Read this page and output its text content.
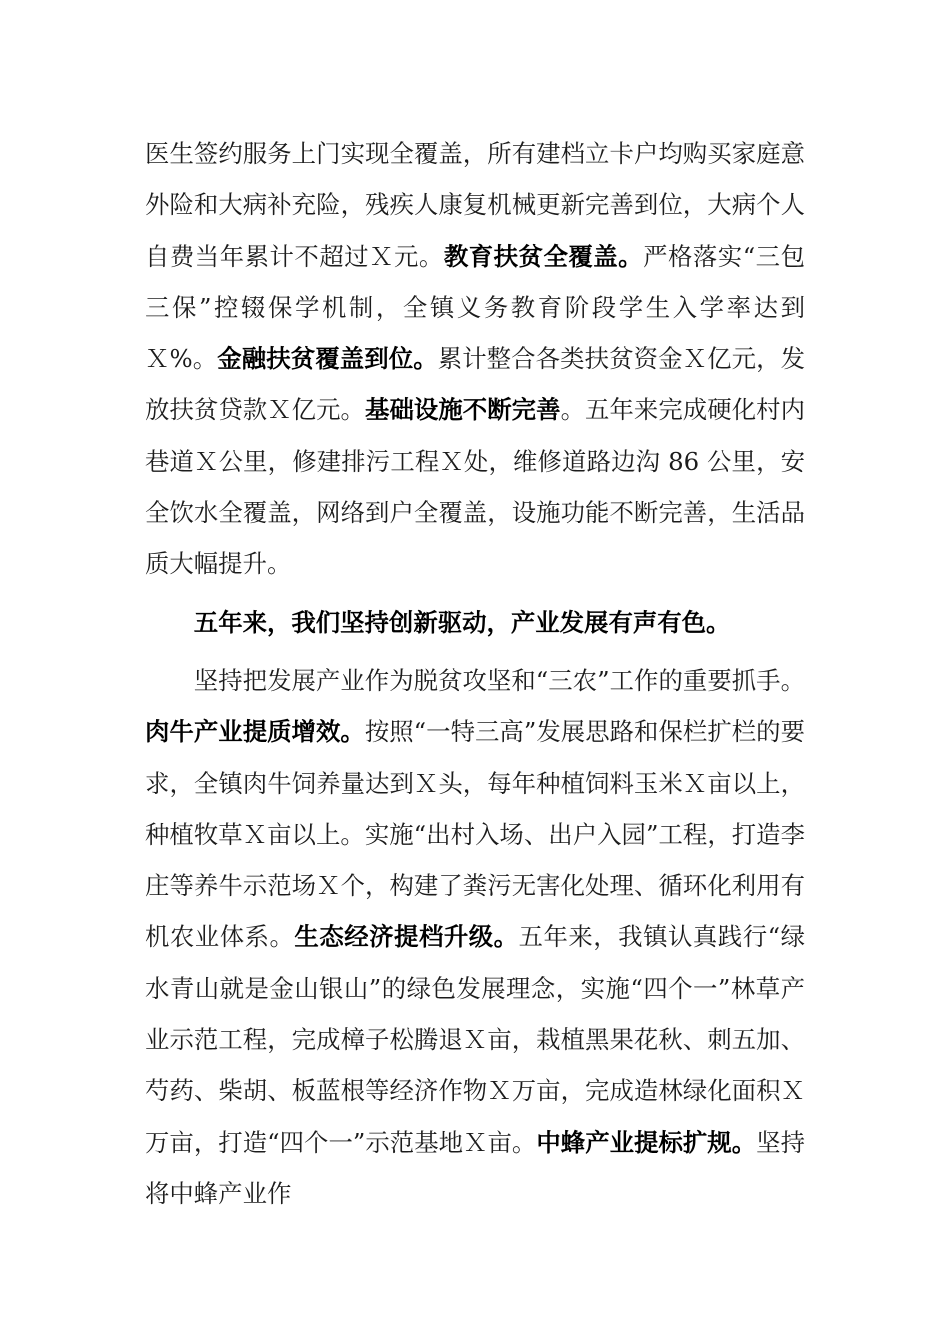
医生签约服务上门实现全覆盖，所有建档立卡户均购买家庭意外险和大病补充险，残疾人康复机械更新完善到位，大病个人自费当年累计不超过Ｘ元。教育扶贫全覆盖。严格落实“三包三保”控辍保学机制，全镇义务教育阶段学生入学率达到Ｘ%。金融扶贫覆盖到位。累计整合各类扶贫资金Ｘ亿元，发放扶贫贷款Ｘ亿元。基础设施不断完善。五年来完成硬化村内巷道Ｘ公里，修建排污工程Ｘ处，维修道路边沟 86 公里，安全饮水全覆盖，网络到户全覆盖，设施功能不断完善，生活品质大幅提升。

五年来，我们坚持创新驱动，产业发展有声有色。

坚持把发展产业作为脱贫攻坚和“三农”工作的重要抓手。肉牛产业提质增效。按照“一特三高”发展思路和保栏扩栏的要求，全镇肉牛饲养量达到Ｘ头，每年种植饲料玉米Ｘ亩以上，种植牧草Ｘ亩以上。实施“出村入场、出户入园”工程，打造李庄等养牛示范场Ｘ个，构建了粪污无害化处理、循环化利用有机农业体系。生态经济提档升级。五年来，我镇认真践行“绿水青山就是金山银山”的绿色发展理念，实施“四个一”林草产业示范工程，完成樟子松腾退Ｘ亩，栽植黑果花秋、刺五加、芍药、柴胡、板蓝根等经济作物Ｘ万亩，完成造林绿化面积Ｘ万亩，打造“四个一”示范基地Ｘ亩。中蜂产业提标扩规。坚持将中蜂产业作
